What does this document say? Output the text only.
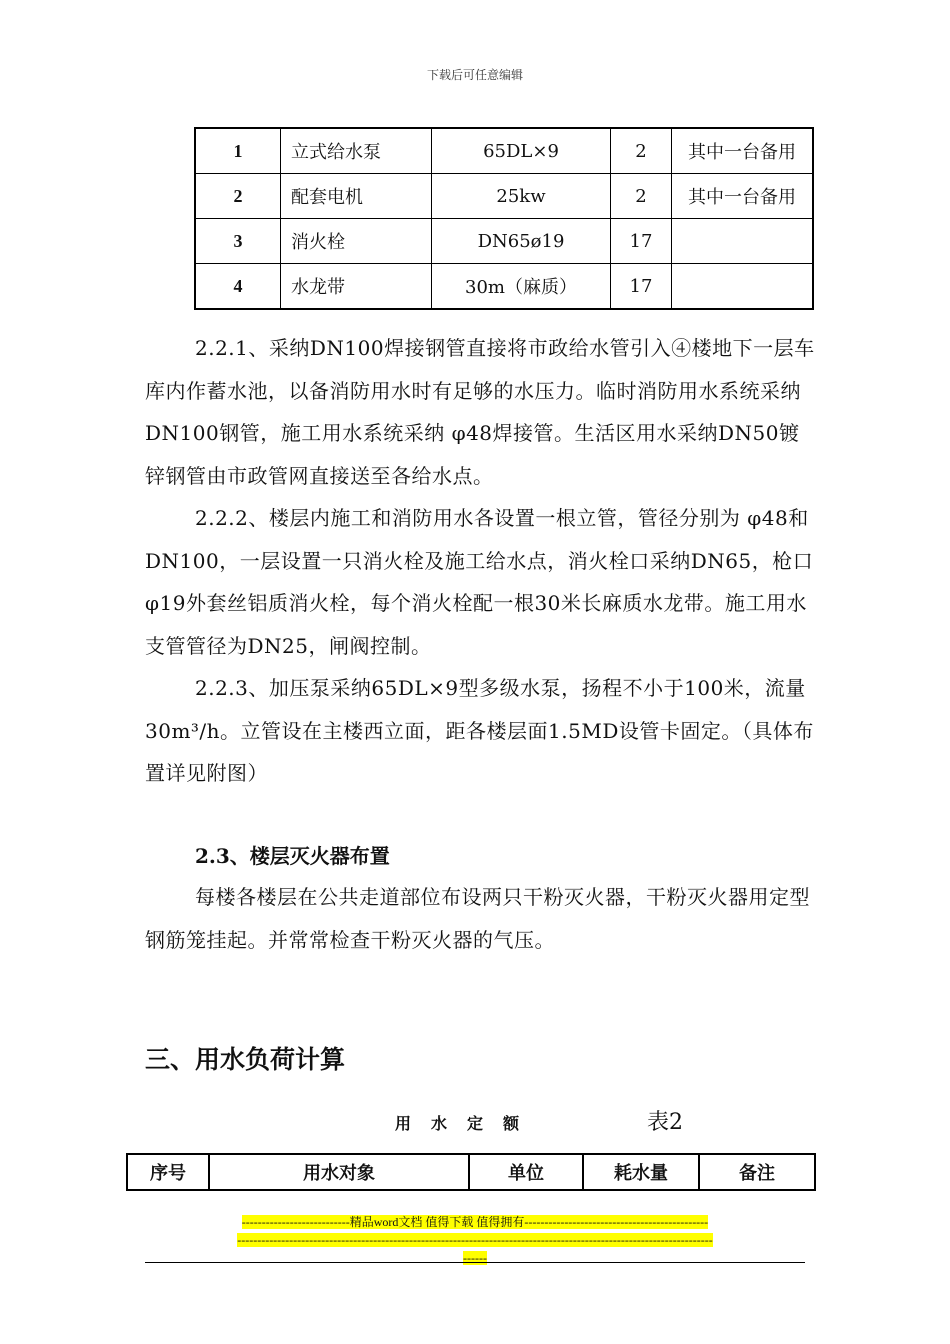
下载后可任意编辑
1	立式给水泵	65DL×9	2	其中一台备用
2	配套电机	25kw	2	其中一台备用
3	消火栓	DN65ø19	17	
4	水龙带	30m（麻质）	17	

2.2.1、采纳DN100焊接钢管直接将市政给水管引入④楼地下一层车库内作蓄水池，以备消防用水时有足够的水压力。临时消防用水系统采纳DN100钢管，施工用水系统采纳 φ48焊接管。生活区用水采纳DN50镀锌钢管由市政管网直接送至各给水点。

2.2.2、楼层内施工和消防用水各设置一根立管，管径分别为 φ48和DN100，一层设置一只消火栓及施工给水点，消火栓口采纳DN65，枪口 φ19外套丝铝质消火栓，每个消火栓配一根30米长麻质水龙带。施工用水支管管径为DN25，闸阀控制。

2.2.3、加压泵采纳65DL×9型多级水泵，扬程不小于100米，流量30m³/h。立管设在主楼西立面，距各楼层面1.5MD设管卡固定。（具体布置详见附图）

2.3、楼层灭火器布置

每楼各楼层在公共走道部位布设两只干粉灭火器，干粉灭火器用定型钢筋笼挂起。并常常检查干粉灭火器的气压。

三、用水负荷计算
用水定额	表2
序号	用水对象	单位	耗水量	备注
---------------------------精品word文档 值得下载 值得拥有----------------------------------------------
-----------------------------------------------------------------------------------------------------------------------
------
